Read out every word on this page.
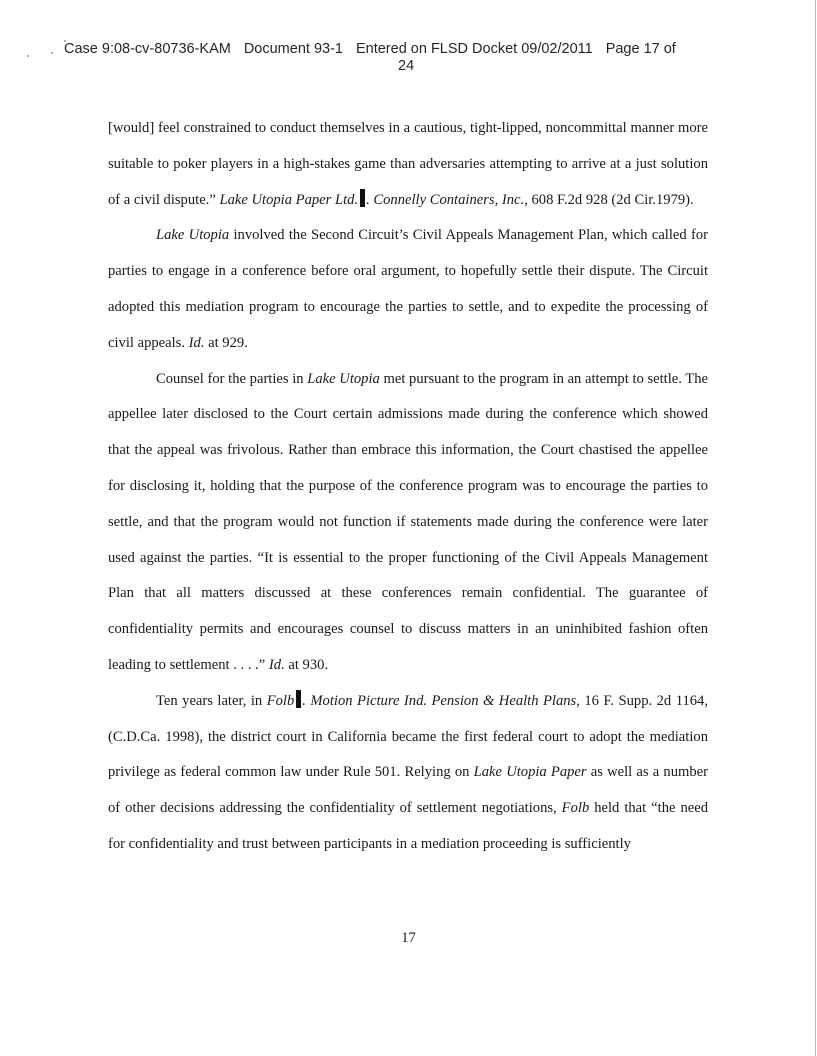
Case 9:08-cv-80736-KAM Document 93-1 Entered on FLSD Docket 09/02/2011 Page 17 of
24

[would] feel constrained to conduct themselves in a cautious, tight-lipped, noncommittal manner more suitable to poker players in a high-stakes game than adversaries attempting to arrive at a just solution of a civil dispute.” Lake Utopia Paper Ltd. . Connelly Containers, Inc., 608 F.2d 928 (2d Cir.1979).

Lake Utopia involved the Second Circuit’s Civil Appeals Management Plan, which called for parties to engage in a conference before oral argument, to hopefully settle their dispute. The Circuit adopted this mediation program to encourage the parties to settle, and to expedite the processing of civil appeals. Id. at 929.

Counsel for the parties in Lake Utopia met pursuant to the program in an attempt to settle. The appellee later disclosed to the Court certain admissions made during the conference which showed that the appeal was frivolous. Rather than embrace this information, the Court chastised the appellee for disclosing it, holding that the purpose of the conference program was to encourage the parties to settle, and that the program would not function if statements made during the conference were later used against the parties. “It is essential to the proper functioning of the Civil Appeals Management Plan that all matters discussed at these conferences remain confidential. The guarantee of confidentiality permits and encourages counsel to discuss matters in an uninhibited fashion often leading to settlement . . . .” Id. at 930.

Ten years later, in Folb . Motion Picture Ind. Pension & Health Plans, 16 F. Supp. 2d 1164, (C.D.Ca. 1998), the district court in California became the first federal court to adopt the mediation privilege as federal common law under Rule 501. Relying on Lake Utopia Paper as well as a number of other decisions addressing the confidentiality of settlement negotiations, Folb held that “the need for confidentiality and trust between participants in a mediation proceeding is sufficiently

17
